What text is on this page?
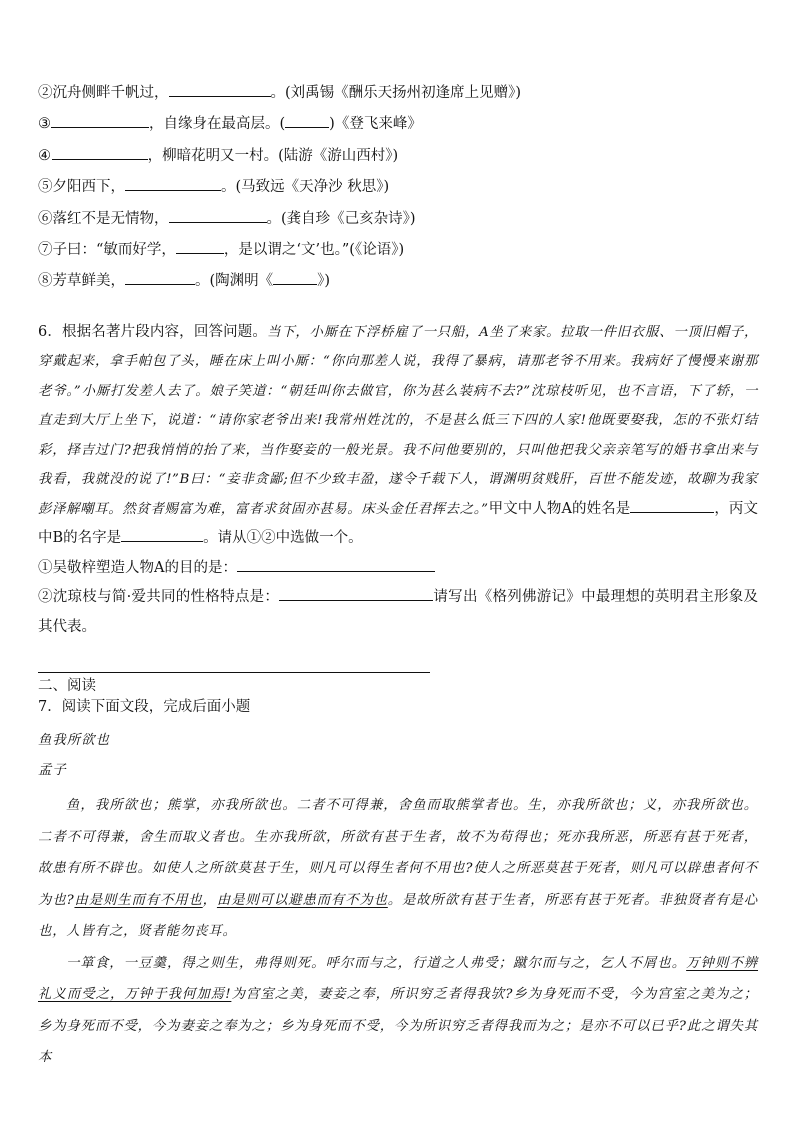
②沉舟侧畔千帆过，	。(刘禹锡《酬乐天扬州初逢席上见赠》)
③	，自缘身在最高层。(	)《登飞来峰》
④	，柳暗花明又一村。(陆游《游山西村》)
⑤夕阳西下，	。(马致远《天净沙 秋思》)
⑥落红不是无情物，	。(龚自珍《己亥杂诗》)
⑦子曰：“敏而好学，	，是以谓之‘文’也。”(《论语》)
⑧芳草鲜美，	。(陶渊明《	》)
6．根据名著片段内容，回答问题。当下，小厮在下浮桥雇了一只船，A坐了来家。拉取一件旧衣服、一顶旧帽子，穿戴起来，拿手帕包了头，睡在床上叫小厮：“你向那差人说，我得了暴病，请那老爷不用来。我病好了慢慢来谢那老爷。”小厮打发差人去了。娘子笑道：“朝廷叫你去做官，你为甚么装病不去?”沈琼枝听见，也不言语，下了轿，一直走到大厅上坐下，说道：“请你家老爷出来!我常州姓沈的，不是甚么低三下四的人家!他既要娶我，怎的不张灯结彩，择吉过门?把我悄悄的抬了来，当作娶妾的一般光景。我不问他要别的，只叫他把我父亲亲笔写的婚书拿出来与我看，我就没的说了!”B曰：“妾非贪鄙;但不少致丰盈，遂令千载下人，谓渊明贫贱肝，百世不能发迹，故聊为我家彭泽解嘲耳。然贫者赐富为难，富者求贫固亦甚易。床头金任君挥去之。”甲文中人物A的姓名是	，丙文中B的名字是	。请从①②中选做一个。
①吴敬梓塑造人物A的目的是：
②沈琼枝与简·爱共同的性格特点是：	请写出《格列佛游记》中最理想的英明君主形象及其代表。
二、阅读
7．阅读下面文段，完成后面小题
鱼我所欲也
孟子
鱼，我所欲也；熊掌，亦我所欲也。二者不可得兼，舍鱼而取熊掌者也。生，亦我所欲也；义，亦我所欲也。二者不可得兼，舍生而取义者也。生亦我所欲，所欲有甚于生者，故不为苟得也；死亦我所恶，所恶有甚于死者，故患有所不辟也。如使人之所欲莫甚于生，则凡可以得生者何不用也?使人之所恶莫甚于死者，则凡可以辟患者何不为也?由是则生而有不用也，由是则可以避患而有不为也。是故所欲有甚于生者，所恶有甚于死者。非独贤者有是心也，人皆有之，贤者能勿丧耳。
一箪食，一豆羹，得之则生，弗得则死。呼尔而与之，行道之人弗受；蹴尔而与之，乞人不屑也。万钟则不辨礼义而受之，万钟于我何加焉!为宫室之美，妻妾之奉，所识穷乏者得我欤?乡为身死而不受，今为宫室之美为之；乡为身死而不受，今为妻妾之奉为之；乡为身死而不受，今为所识穷乏者得我而为之；是亦不可以已乎?此之谓失其本
